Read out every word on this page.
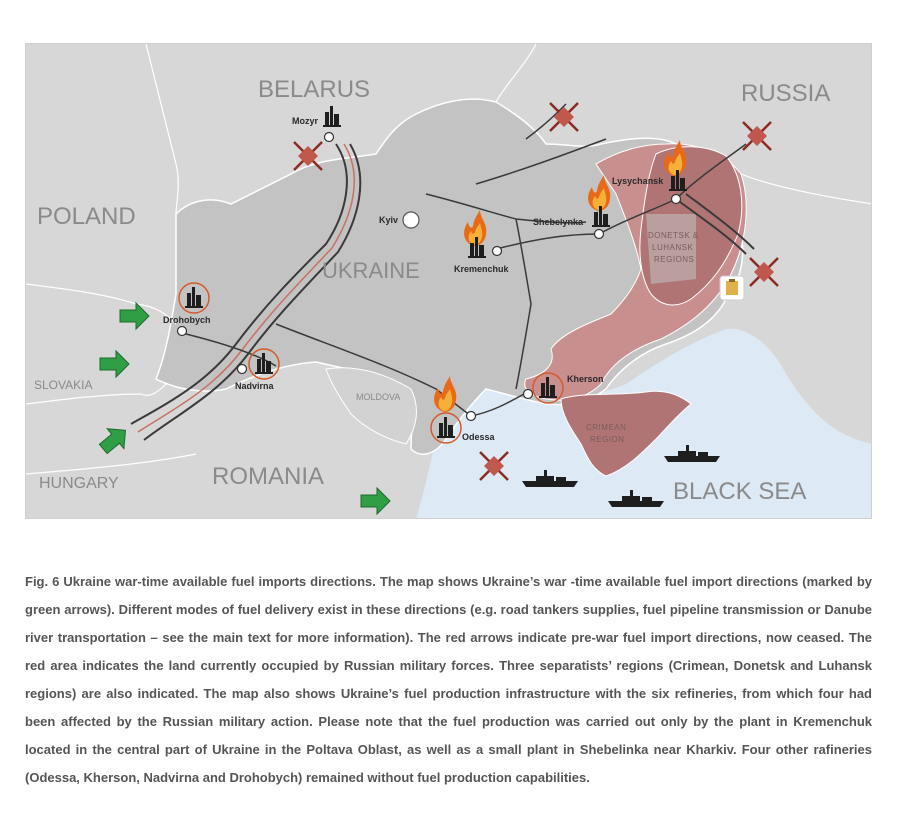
BELARUS	RUSSIA
POLAND
UKRAINE
SLOVAKIA
HUNGARY	ROMANIA
MOLDOVA
BLACK SEA
DONETSK &
LUHANSK
REGIONS
CRIMEAN
REGION
Mozyr
Kyiv
Kremenchuk
Shebelynka
Lysychansk
Drohobych
Nadvirna
Kherson
Odessa

Fig. 6 Ukraine war-time available fuel imports directions. The map shows Ukraine’s war -time available fuel import directions (marked by green arrows). Different modes of fuel delivery exist in these directions (e.g. road tankers supplies, fuel pipeline transmission or Danube river transportation – see the main text for more information). The red arrows indicate pre-war fuel import directions, now ceased. The red area indicates the land currently occupied by Russian military forces. Three separatists’ regions (Crimean, Donetsk and Luhansk regions) are also indicated. The map also shows Ukraine’s fuel production infrastructure with the six refineries, from which four had been affected by the Russian military action. Please note that the fuel production was carried out only by the plant in Kremenchuk located in the central part of Ukraine in the Poltava Oblast, as well as a small plant in Shebelinka near Kharkiv. Four other rafineries (Odessa, Kherson, Nadvirna and Drohobych) remained without fuel production capabilities.
